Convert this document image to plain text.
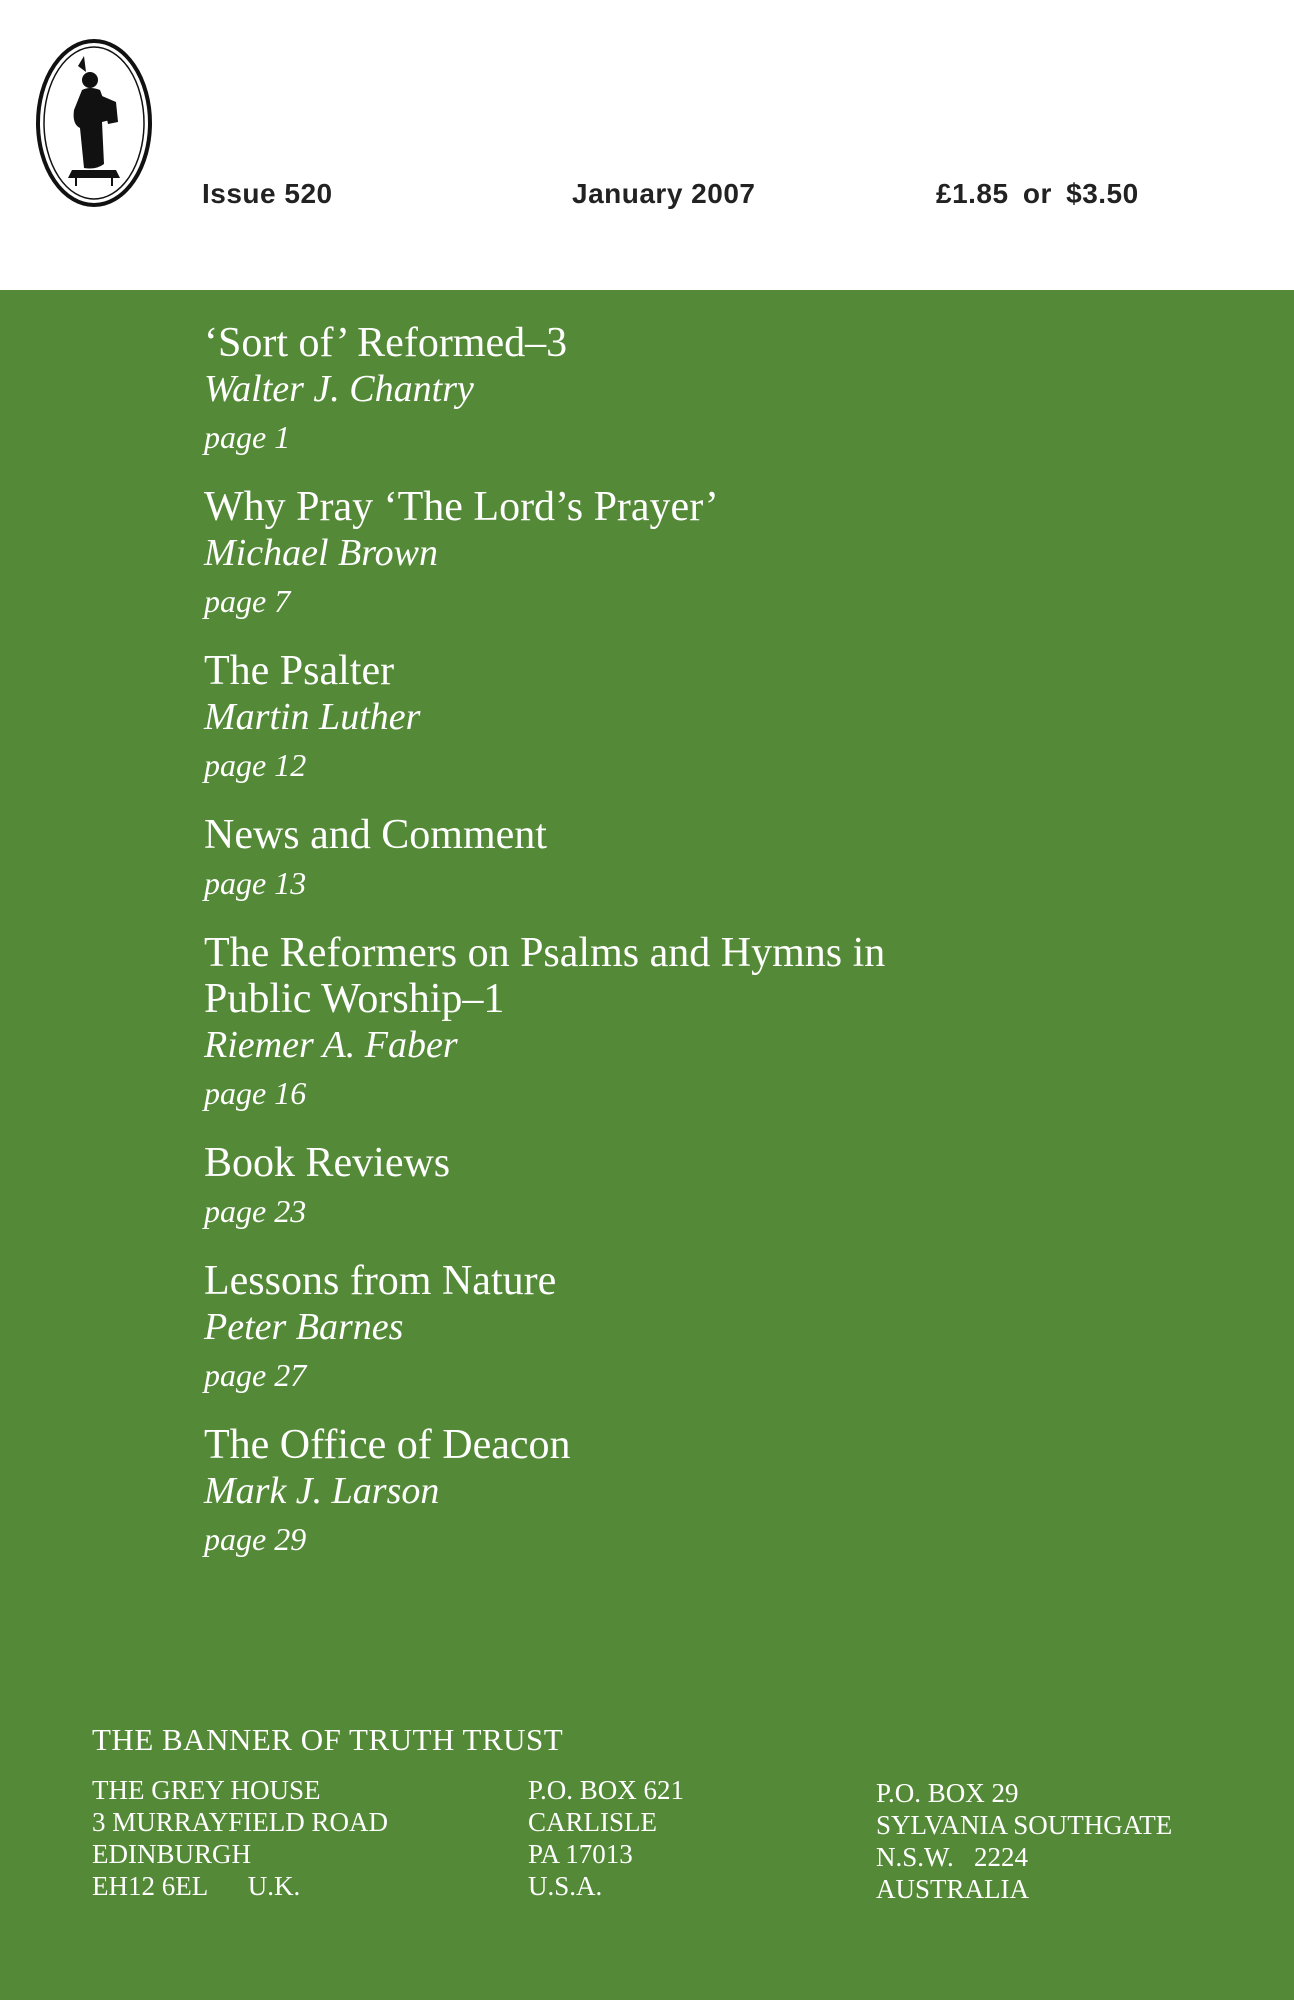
Issue 520	January 2007	£1.85 or $3.50
‘Sort of’ Reformed–3
Walter J. Chantry
page 1
Why Pray ‘The Lord’s Prayer’
Michael Brown
page 7
The Psalter
Martin Luther
page 12
News and Comment
page 13
The Reformers on Psalms and Hymns in
Public Worship–1
Riemer A. Faber
page 16
Book Reviews
page 23
Lessons from Nature
Peter Barnes
page 27
The Office of Deacon
Mark J. Larson
page 29
THE BANNER OF TRUTH TRUST
THE GREY HOUSE
3 MURRAYFIELD ROAD
EDINBURGH
EH12 6EL      U.K.
P.O. BOX 621
CARLISLE
PA 17013
U.S.A.
P.O. BOX 29
SYLVANIA SOUTHGATE
N.S.W.   2224
AUSTRALIA
